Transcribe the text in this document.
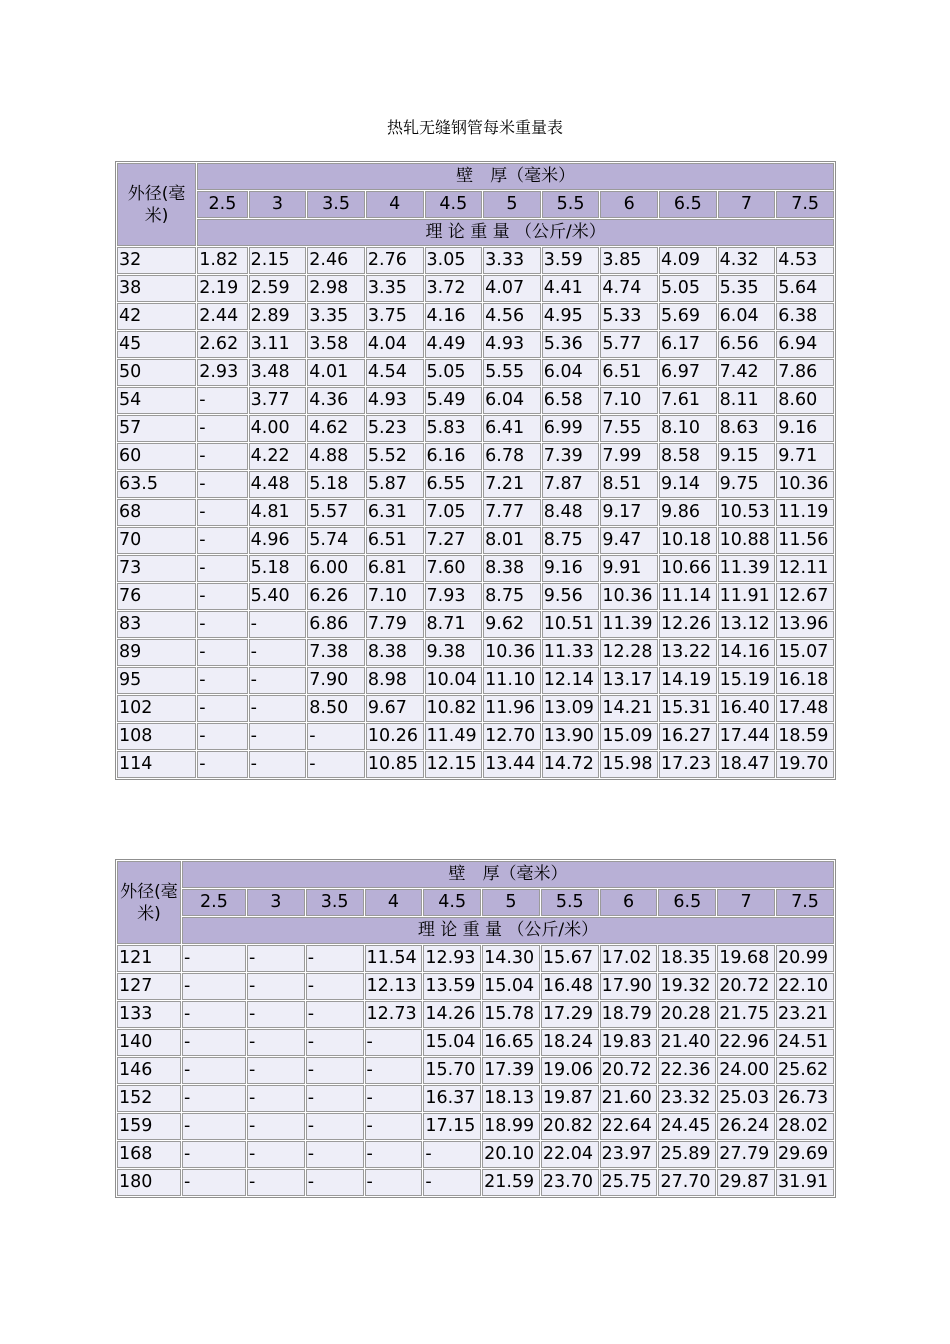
热轧无缝钢管每米重量表
外径(毫米)	壁　厚（毫米）										
	2.5	3	3.5	4	4.5	5	5.5	6	6.5	7	7.5
	理 论 重 量 （公斤/米）										
32	1.82	2.15	2.46	2.76	3.05	3.33	3.59	3.85	4.09	4.32	4.53
38	2.19	2.59	2.98	3.35	3.72	4.07	4.41	4.74	5.05	5.35	5.64
42	2.44	2.89	3.35	3.75	4.16	4.56	4.95	5.33	5.69	6.04	6.38
45	2.62	3.11	3.58	4.04	4.49	4.93	5.36	5.77	6.17	6.56	6.94
50	2.93	3.48	4.01	4.54	5.05	5.55	6.04	6.51	6.97	7.42	7.86
54	-	3.77	4.36	4.93	5.49	6.04	6.58	7.10	7.61	8.11	8.60
57	-	4.00	4.62	5.23	5.83	6.41	6.99	7.55	8.10	8.63	9.16
60	-	4.22	4.88	5.52	6.16	6.78	7.39	7.99	8.58	9.15	9.71
63.5	-	4.48	5.18	5.87	6.55	7.21	7.87	8.51	9.14	9.75	10.36
68	-	4.81	5.57	6.31	7.05	7.77	8.48	9.17	9.86	10.53	11.19
70	-	4.96	5.74	6.51	7.27	8.01	8.75	9.47	10.18	10.88	11.56
73	-	5.18	6.00	6.81	7.60	8.38	9.16	9.91	10.66	11.39	12.11
76	-	5.40	6.26	7.10	7.93	8.75	9.56	10.36	11.14	11.91	12.67
83	-	-	6.86	7.79	8.71	9.62	10.51	11.39	12.26	13.12	13.96
89	-	-	7.38	8.38	9.38	10.36	11.33	12.28	13.22	14.16	15.07
95	-	-	7.90	8.98	10.04	11.10	12.14	13.17	14.19	15.19	16.18
102	-	-	8.50	9.67	10.82	11.96	13.09	14.21	15.31	16.40	17.48
108	-	-	-	10.26	11.49	12.70	13.90	15.09	16.27	17.44	18.59
114	-	-	-	10.85	12.15	13.44	14.72	15.98	17.23	18.47	19.70
外径(毫米)	壁　厚（毫米）										
	2.5	3	3.5	4	4.5	5	5.5	6	6.5	7	7.5
	理 论 重 量 （公斤/米）										
121	-	-	-	11.54	12.93	14.30	15.67	17.02	18.35	19.68	20.99
127	-	-	-	12.13	13.59	15.04	16.48	17.90	19.32	20.72	22.10
133	-	-	-	12.73	14.26	15.78	17.29	18.79	20.28	21.75	23.21
140	-	-	-	-	15.04	16.65	18.24	19.83	21.40	22.96	24.51
146	-	-	-	-	15.70	17.39	19.06	20.72	22.36	24.00	25.62
152	-	-	-	-	16.37	18.13	19.87	21.60	23.32	25.03	26.73
159	-	-	-	-	17.15	18.99	20.82	22.64	24.45	26.24	28.02
168	-	-	-	-	-	20.10	22.04	23.97	25.89	27.79	29.69
180	-	-	-	-	-	21.59	23.70	25.75	27.70	29.87	31.91
